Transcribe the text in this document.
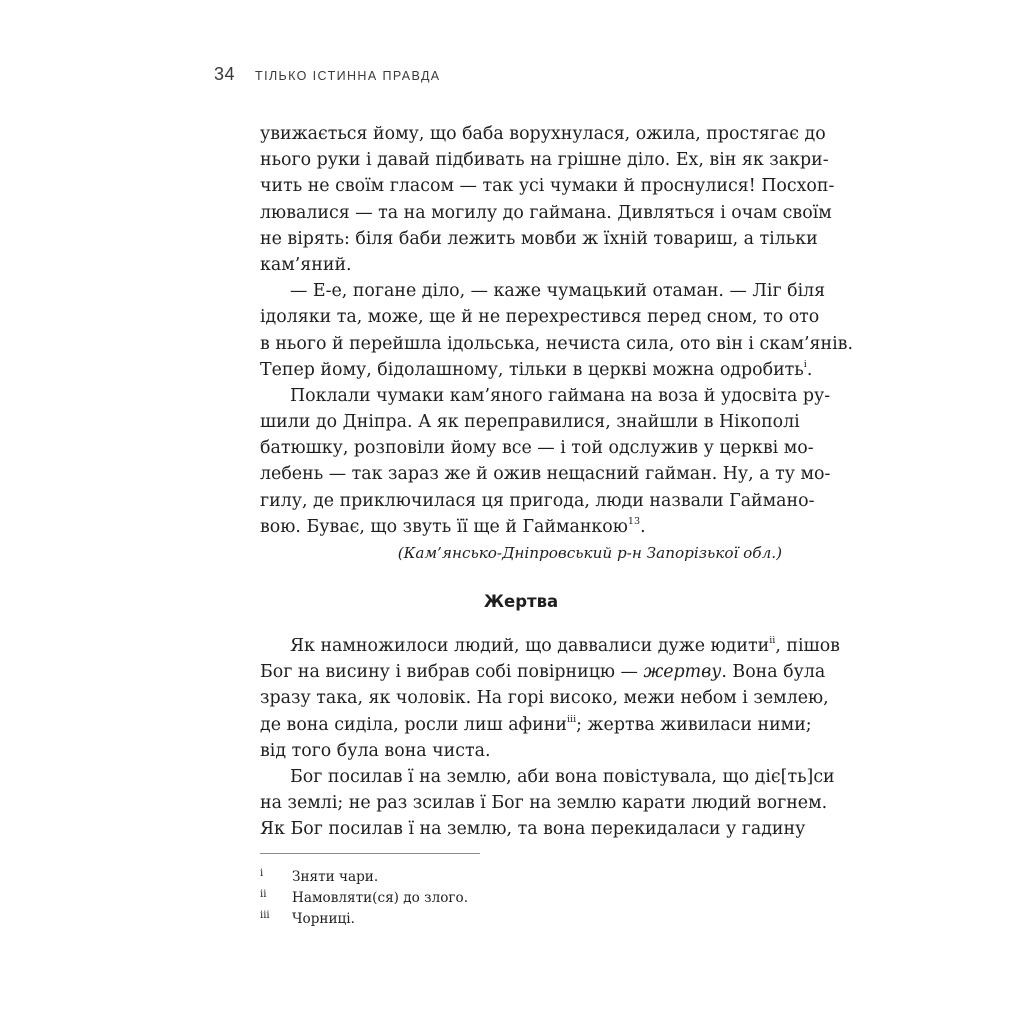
34 ТІЛЬКО ІСТИННА ПРАВДА
увижається йому, що баба ворухнулася, ожила, простягає до
нього руки і давай підбивать на грішне діло. Ех, він як закри-
чить не своїм гласом — так усі чумаки й проснулися! Посхоп-
лювалися — та на могилу до гаймана. Дивляться і очам своїм
не вірять: біля баби лежить мовби ж їхній товариш, а тільки
кам’яний.
— Е-е, погане діло, — каже чумацький отаман. — Ліг біля
ідоляки та, може, ще й не перехрестився перед сном, то ото
в нього й перейшла ідольська, нечиста сила, ото він і скам’янів.
Тепер йому, бідолашному, тільки в церкві можна одробить$^i$.
Поклали чумаки кам’яного гаймана на воза й удосвіта ру-
шили до Дніпра. А як переправилися, знайшли в Нікополі
батюшку, розповіли йому все — і той одслужив у церкві мо-
лебень — так зараз же й ожив нещасний гайман. Ну, а ту мо-
гилу, де приключилася ця пригода, люди назвали Гайманo-
вою. Буває, що звуть її ще й Гайманкою$^{13}$.
(Кам’янсько-Дніпровський р-н Запорізької обл.)
Жертва
Як намножилоси людий, що даввалиси дуже юдити$^{ii}$, пішов
Бог на висину і вибрав собі повірницю — жертву. Вона була
зразу така, як чоловік. На горі високо, межи небом і землею,
де вона сиділа, росли лиш афини$^{iii}$; жертва живилаcи ними;
від того була вона чиста.
Бог посилав ї на землю, аби вона повістувала, що діє[ть]си
на землі; не раз зсилав ї Бог на землю карати людий вогнем.
Як Бог посилав ї на землю, та вона перекидаласи у гадину
i	Зняти чари.
ii	Намовляти(ся) до злого.
iii	Чорниці.
